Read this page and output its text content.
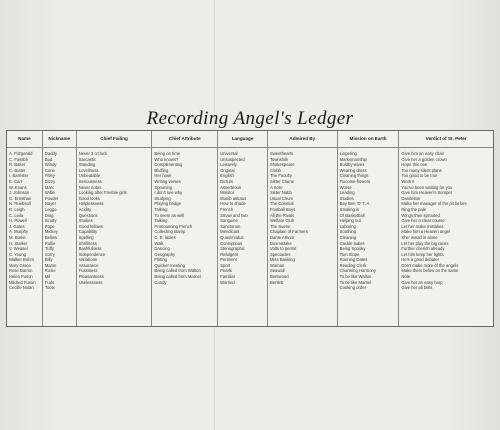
Recording Angel's Ledger
Name
A. Fitzgerald
C. Fassbh
R. Baker
C. Butter
I. Barrister
E. Carr
W. Evans
J. Johnson
G. Ernsthan
N. Ruebsoll
R. Leigh
C. Leila
H. Powell
J. Gates
A. Murphy
M. Burke
H. Stalker
V. Weasel
C. Young
Walker Bohm
Mary Grace
Rose Barron
Helen Fuson
Mildred Fuson
Cecille Nolan
Nickname
Daddy
Bud
Windy
Cone
Fitley
Dizzy
Marc
Willie
Pouder
Nayer
Leggo
Ding
Scotty
Pope
Mickey
Bellew
Rullie
Tuffy
Sorry
Billy
Mame
Rosie
Mil
Fuds
Toots
Chief Failing
Never 3 o'clock
Sarcastic
Standing
Loveliness
Unbeatable
Seriousness
Never notes
Looking after Freshie girls
Good looks
Helplessness
Acidity
Questions
Studies
Good fellows
Capability
Spelling
Shrillness
Bashfulness
Independence
Variations
Assurance
Fussiness
Pleasantness
Uselessness
Chief Attribute
Being on time
Who knows?
Complimenting
Bluffing
Her hose
Writing verses
Spooning
I don't see why
Studying
Playing bridge
Talking
To seem as well
Talking
Pronouncing French
Collecting stamp
C. E. ladies
Walk
Dancing
Geography
Flirting
Quicker meeting
Being called from Walton
Being called from Marnel
Candy
Language
Universal
Unsuspected
Leisurely
Original
English
Dictum
Asserteous
Monitor
Munib astutus
How to shade
French
Smaw and two
Sanguine
Sanctorum
Mendicant
Quasimodus
Conniptious
Stenographic
Refulgent
Pertinent
Sport
Pearls
Familiar
Worried
Admired By
Sweethearts
Townsfolk
Shakespeare
Clubb
The Faculty
Sister Clarne
A Sore
Sister Nabb
Usual Chum
The Colonial
Football Boys
All the Rivals
Welfare Club
The Suene
Chaplain of Farmers
Dante Athnor
Duxmistake
Volts to permit
Spectacles
Miss Banking
Woman
Seawall
Bentwood
Bertlett
Mission on Earth
Lingering
Marksmanship
Buldby-wives
Wearing dress
Cleaning things
Fixcome-flowers
Worse
Leading
Studies
Bey Ben 'D' T. A.
Stealing in
Of Basketball
Helping out
Laboring
Soothing
Cleaning
Cackle ladies
Being Spooky
Tom Slope
Running Dates
Reading Clerk
Charming Harmony
To be like Walton
To be like Marnel
Cooking order
Verdict of St. Peter
Give him an easy chair
Give her a golden crown
Hope this one
Too many silent plans
Too good to be true
Work it
You've been waiting for you
Give him Heaven's trumpet
Dandelion
Make her manager of the pit before
Ring the pale
Wings then sprouted
Give her a clear course
Let her make mistakes
Make him a Heaven angel
She' would in alone
Let her play the big races
Further cherish already
Let him keep her lights
He's a good debater
Don't make more of the angels
Make them below on the same
Note
Give her an easy harp
Give her all bells
